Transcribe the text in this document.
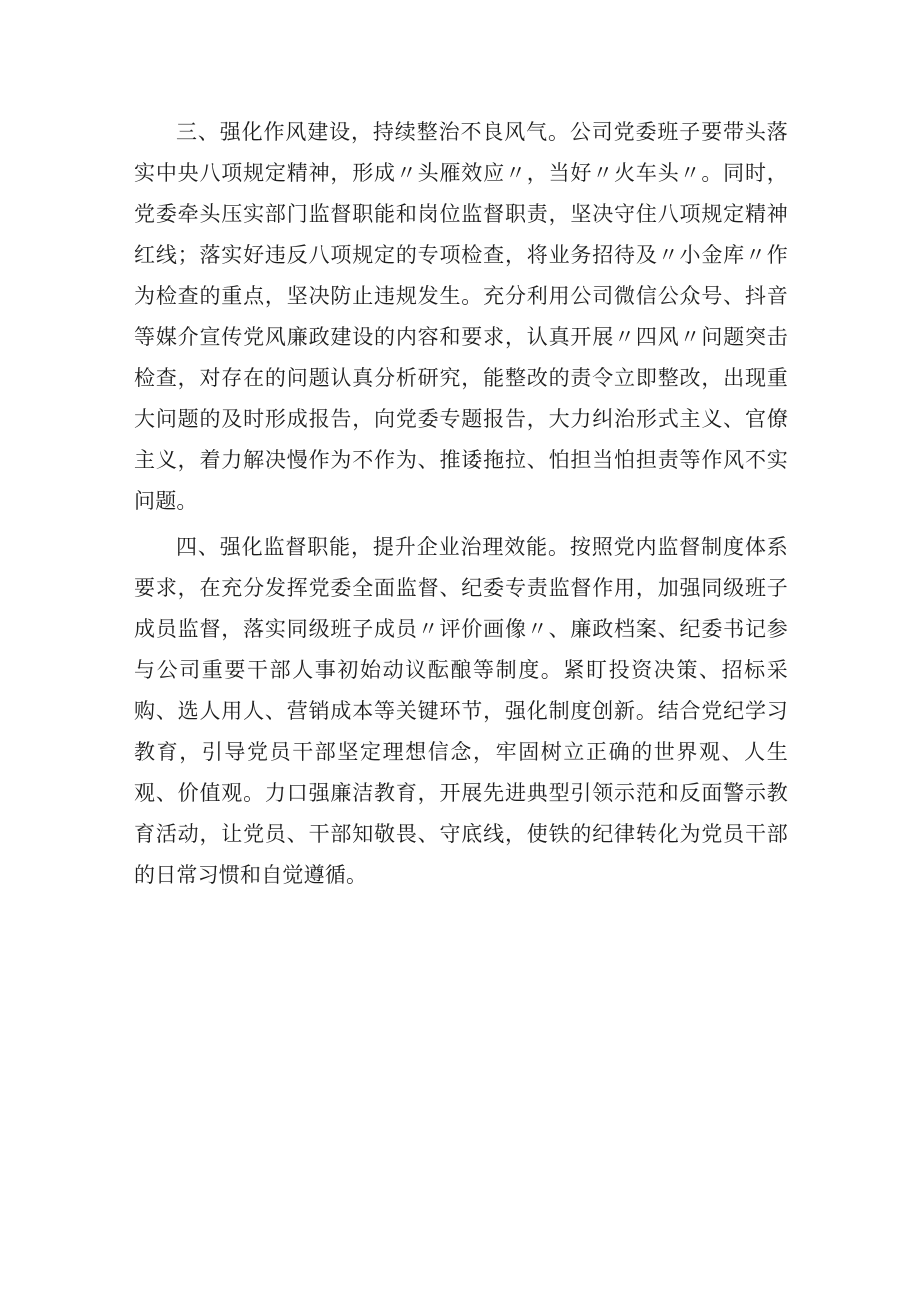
三、强化作风建设，持续整治不良风气。公司党委班子要带头落实中央八项规定精神，形成〃头雁效应〃，当好〃火车头〃。同时，党委牵头压实部门监督职能和岗位监督职责，坚决守住八项规定精神红线；落实好违反八项规定的专项检查，将业务招待及〃小金库〃作为检查的重点，坚决防止违规发生。充分利用公司微信公众号、抖音等媒介宣传党风廉政建设的内容和要求，认真开展〃四风〃问题突击检查，对存在的问题认真分析研究，能整改的责令立即整改，出现重大问题的及时形成报告，向党委专题报告，大力纠治形式主义、官僚主义，着力解决慢作为不作为、推诿拖拉、怕担当怕担责等作风不实问题。

四、强化监督职能，提升企业治理效能。按照党内监督制度体系要求，在充分发挥党委全面监督、纪委专责监督作用，加强同级班子成员监督，落实同级班子成员〃评价画像〃、廉政档案、纪委书记参与公司重要干部人事初始动议酝酿等制度。紧盯投资决策、招标采购、选人用人、营销成本等关键环节，强化制度创新。结合党纪学习教育，引导党员干部坚定理想信念，牢固树立正确的世界观、人生观、价值观。力口强廉洁教育，开展先进典型引领示范和反面警示教育活动，让党员、干部知敬畏、守底线，使铁的纪律转化为党员干部的日常习惯和自觉遵循。
